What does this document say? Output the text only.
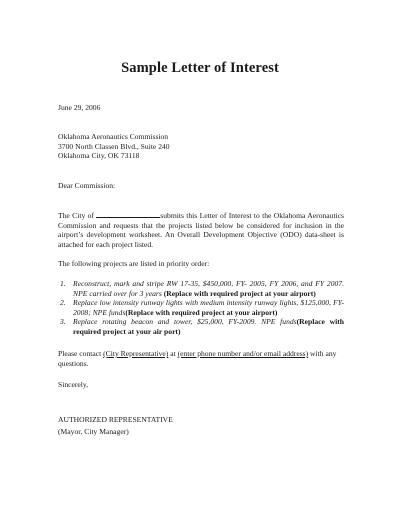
Sample Letter of Interest
June 29, 2006
Oklahoma Aeronautics Commission
3700 North Classen Blvd., Suite 240
Oklahoma City, OK 73118
Dear Commission:
The City of	submits this Letter of Interest to the Oklahoma Aeronautics Commission and requests that the projects listed below be considered for inclusion in the airport’s development worksheet. An Overall Development Objective (ODO) data-sheet is attached for each project listed.
The following projects are listed in priority order:
1. Reconstruct, mark and stripe RW 17-35, $450,000, FY- 2005, FY 2006, and FY 2007. NPE carried over for 3 years (Replace with required project at your airport)
2. Replace low intensity runway lights with medium intensity runway lights, $125,000, FY-2008; NPE funds(Replace with required project at your airport)
3. Replace rotating beacon and tower, $25,000, FY-2009. NPE funds(Replace with required project at your air port)
Please contact (City Representative) at (enter phone number and/or email address) with any questions.
Sincerely,
AUTHORIZED REPRESENTATIVE
(Mayor, City Manager)
